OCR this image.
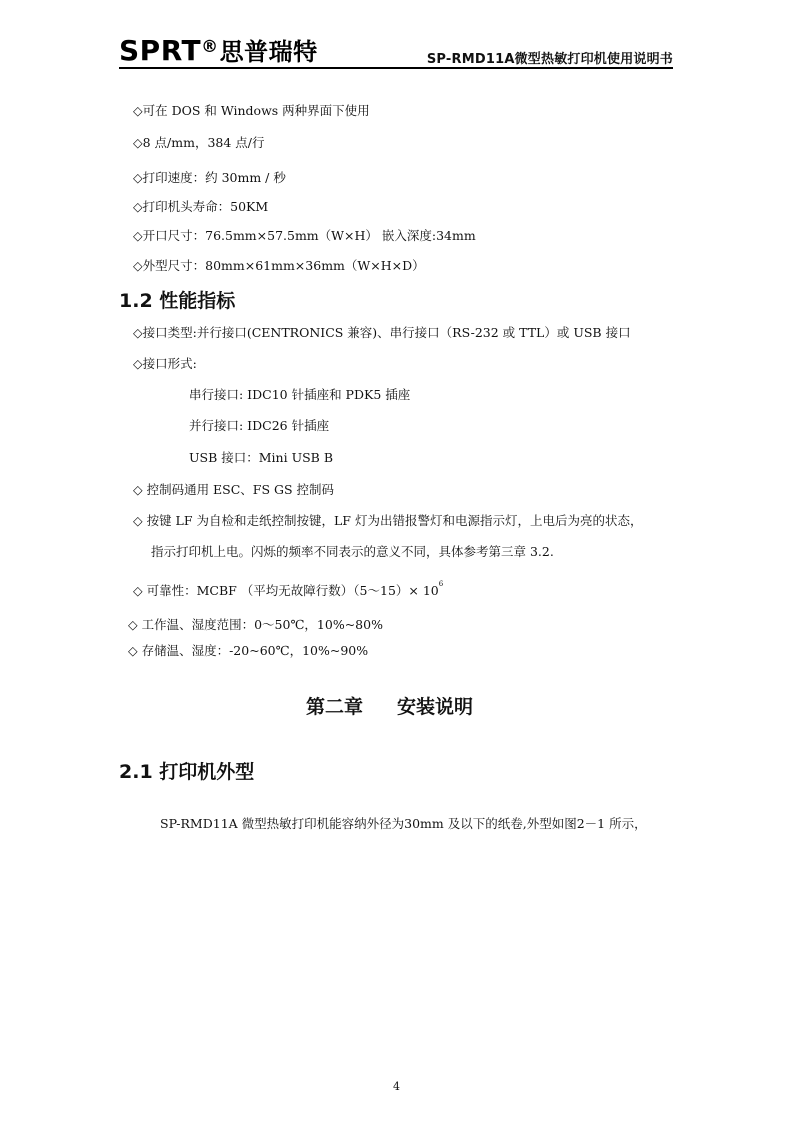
SPRT®思普瑞特	SP-RMD11A微型热敏打印机使用说明书
◇可在 DOS 和 Windows 两种界面下使用
◇8 点/mm，384 点/行
◇打印速度：约 30mm / 秒
◇打印机头寿命：50KM
◇开口尺寸：76.5mm×57.5mm（W×H） 嵌入深度:34mm
◇外型尺寸：80mm×61mm×36mm（W×H×D）
1.2 性能指标
◇接口类型:并行接口(CENTRONICS 兼容)、串行接口（RS-232 或 TTL）或 USB 接口
◇接口形式:
串行接口: IDC10 针插座和 PDK5 插座
并行接口: IDC26 针插座
USB 接口：Mini USB B
◇ 控制码通用 ESC、FS GS 控制码
◇ 按键 LF 为自检和走纸控制按键，LF 灯为出错报警灯和电源指示灯，上电后为亮的状态，
指示打印机上电。闪烁的频率不同表示的意义不同，具体参考第三章 3.2.
◇ 可靠性：MCBF （平均无故障行数）（5～15）× $10^6$
◇ 工作温、湿度范围：0～50℃，10%~80%
◇ 存储温、湿度：-20~60℃，10%~90%
第二章 安装说明
2.1 打印机外型
SP-RMD11A 微型热敏打印机能容纳外径为30mm 及以下的纸卷,外型如图2－1 所示，
4
